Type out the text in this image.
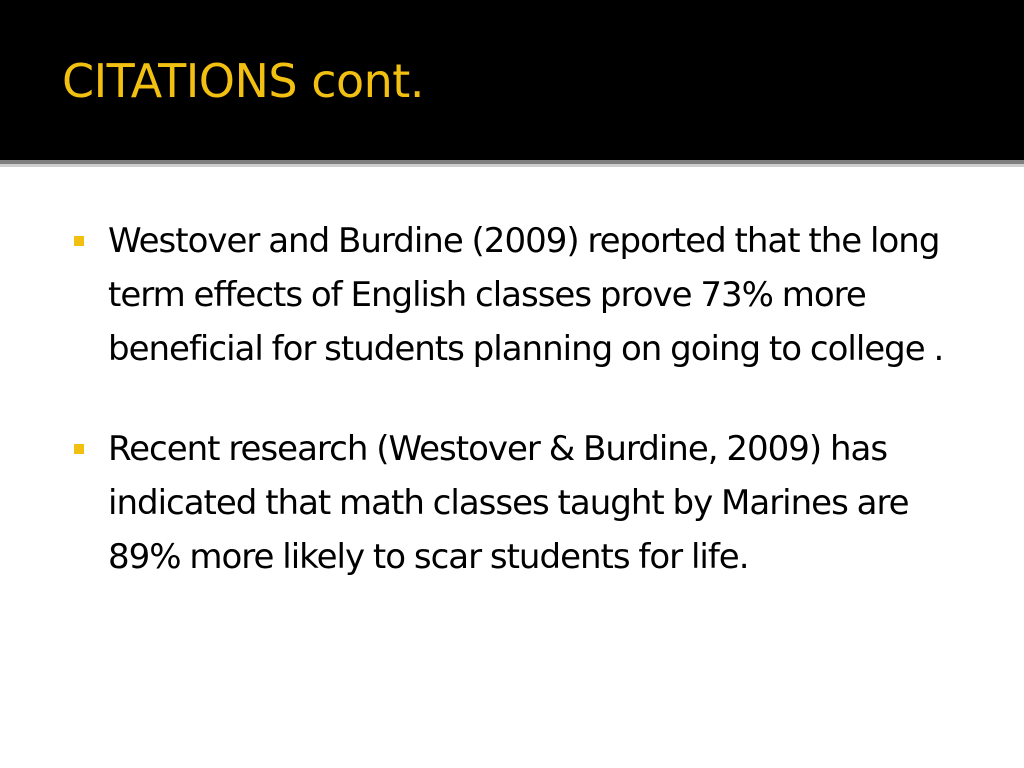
CITATIONS cont.
Westover and Burdine (2009) reported that the long term effects of English classes prove 73% more beneficial for students planning on going to college .
Recent research (Westover & Burdine, 2009) has indicated that math classes taught by Marines are 89% more likely to scar students for life.
